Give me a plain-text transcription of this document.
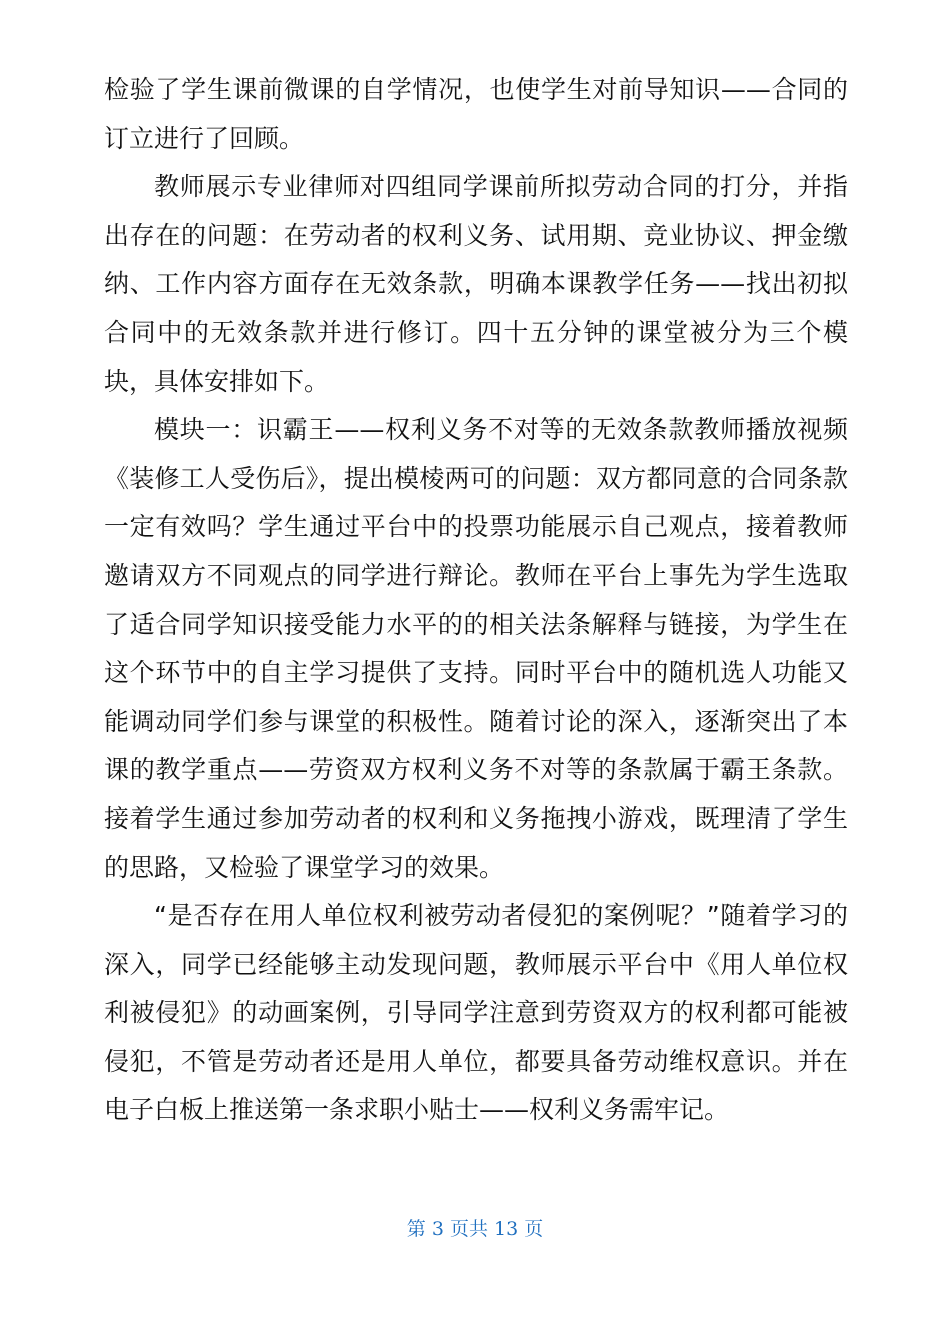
检验了学生课前微课的自学情况，也使学生对前导知识——合同的订立进行了回顾。

教师展示专业律师对四组同学课前所拟劳动合同的打分，并指出存在的问题：在劳动者的权利义务、试用期、竞业协议、押金缴纳、工作内容方面存在无效条款，明确本课教学任务——找出初拟合同中的无效条款并进行修订。四十五分钟的课堂被分为三个模块，具体安排如下。

模块一：识霸王——权利义务不对等的无效条款教师播放视频《装修工人受伤后》，提出模棱两可的问题：双方都同意的合同条款一定有效吗？学生通过平台中的投票功能展示自己观点，接着教师邀请双方不同观点的同学进行辩论。教师在平台上事先为学生选取了适合同学知识接受能力水平的的相关法条解释与链接，为学生在这个环节中的自主学习提供了支持。同时平台中的随机选人功能又能调动同学们参与课堂的积极性。随着讨论的深入，逐渐突出了本课的教学重点——劳资双方权利义务不对等的条款属于霸王条款。接着学生通过参加劳动者的权利和义务拖拽小游戏，既理清了学生的思路，又检验了课堂学习的效果。

“是否存在用人单位权利被劳动者侵犯的案例呢？”随着学习的深入，同学已经能够主动发现问题，教师展示平台中《用人单位权利被侵犯》的动画案例，引导同学注意到劳资双方的权利都可能被侵犯，不管是劳动者还是用人单位，都要具备劳动维权意识。并在电子白板上推送第一条求职小贴士——权利义务需牢记。

第 3 页共 13 页
